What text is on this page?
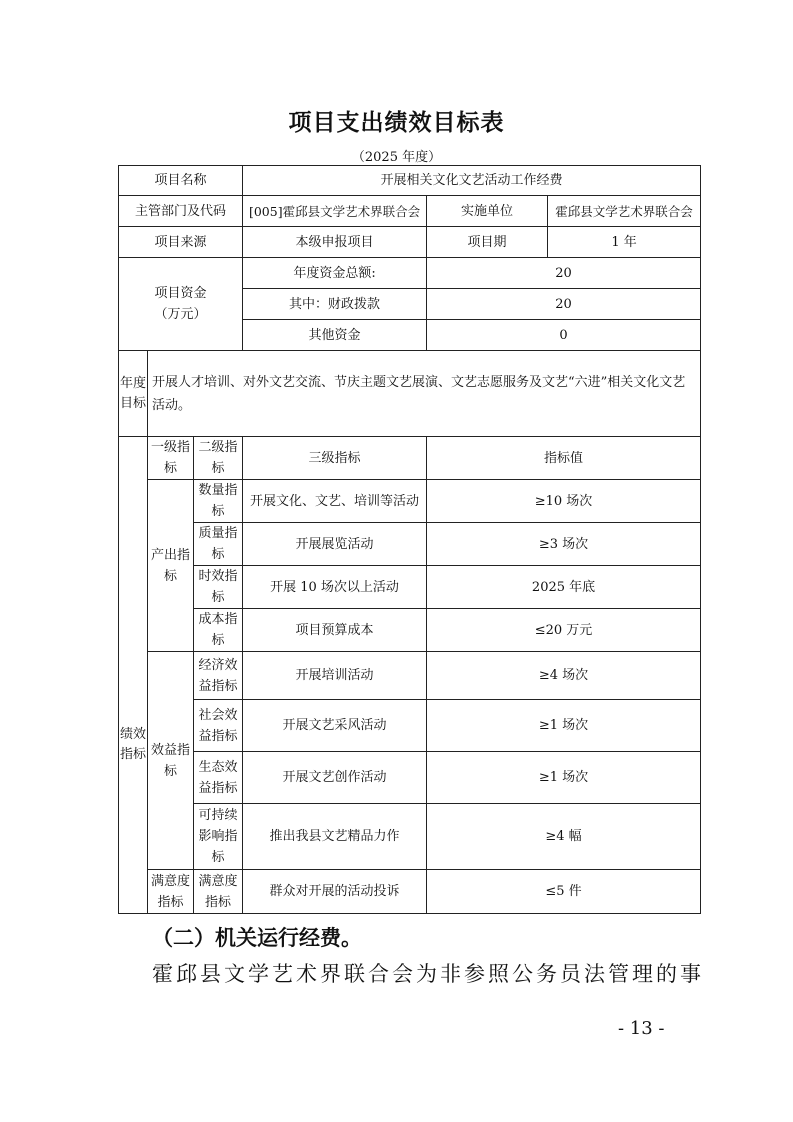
项目支出绩效目标表
（2025 年度）
项目名称			开展相关文化文艺活动工作经费		
主管部门及代码			[005]霍邱县文学艺术界联合会	实施单位	霍邱县文学艺术界联合会
项目来源			本级申报项目	项目期	1 年

项目资金
（万元）			年度资金总额:	20	
			其中：财政拨款	20	
			其他资金	0	
年度目标	开展人才培训、对外文艺交流、节庆主题文艺展演、文艺志愿服务及文艺“六进”相关文化文艺活动。				
绩效指标	一级指标	二级指标	三级指标	指标值	
	产出指标	数量指标	开展文化、文艺、培训等活动	≥10 场次	
		质量指标	开展展览活动	≥3 场次	
		时效指标	开展 10 场次以上活动	2025 年底	
		成本指标	项目预算成本	≤20 万元	
	效益指标	经济效益指标	开展培训活动	≥4 场次	
		社会效益指标	开展文艺采风活动	≥1 场次	
		生态效益指标	开展文艺创作活动	≥1 场次	
		可持续影响指标	推出我县文艺精品力作	≥4 幅	
	满意度指标	满意度指标	群众对开展的活动投诉	≤5 件	
（二）机关运行经费。
霍邱县文学艺术界联合会为非参照公务员法管理的事
- 13 -
